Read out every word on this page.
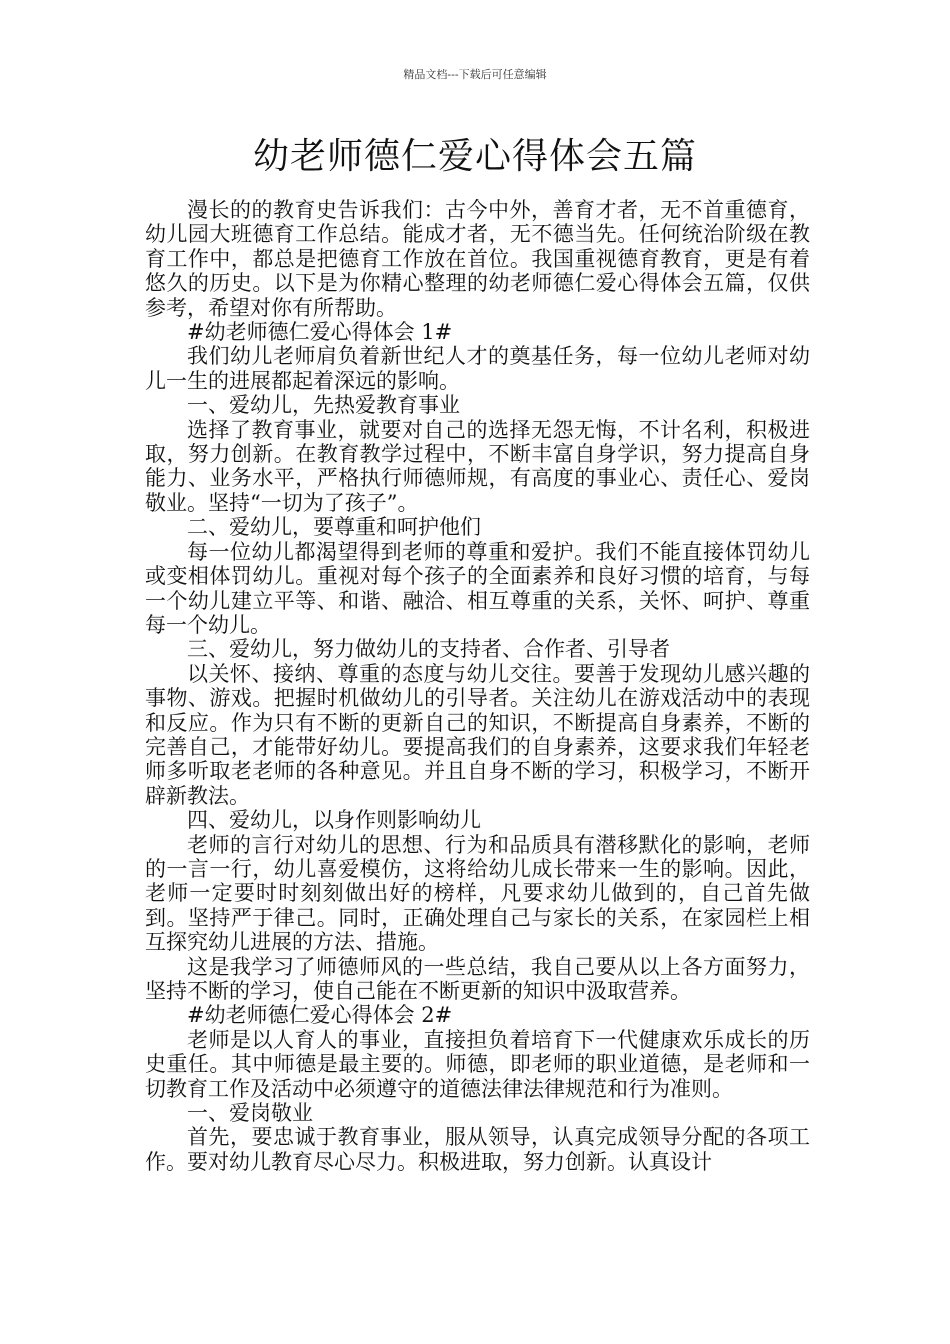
精品文档---下载后可任意编辑
幼老师德仁爱心得体会五篇

漫长的的教育史告诉我们：古今中外，善育才者，无不首重德育，幼儿园大班德育工作总结。能成才者，无不德当先。任何统治阶级在教育工作中，都总是把德育工作放在首位。我国重视德育教育，更是有着悠久的历史。以下是为你精心整理的幼老师德仁爱心得体会五篇，仅供参考，希望对你有所帮助。

#幼老师德仁爱心得体会 1#

我们幼儿老师肩负着新世纪人才的奠基任务，每一位幼儿老师对幼儿一生的进展都起着深远的影响。

一、爱幼儿，先热爱教育事业

选择了教育事业，就要对自己的选择无怨无悔，不计名利，积极进取，努力创新。在教育教学过程中，不断丰富自身学识，努力提高自身能力、业务水平，严格执行师德师规，有高度的事业心、责任心、爱岗敬业。坚持“一切为了孩子”。

二、爱幼儿，要尊重和呵护他们

每一位幼儿都渴望得到老师的尊重和爱护。我们不能直接体罚幼儿或变相体罚幼儿。重视对每个孩子的全面素养和良好习惯的培育，与每一个幼儿建立平等、和谐、融洽、相互尊重的关系，关怀、呵护、尊重每一个幼儿。

三、爱幼儿，努力做幼儿的支持者、合作者、引导者

以关怀、接纳、尊重的态度与幼儿交往。要善于发现幼儿感兴趣的事物、游戏。把握时机做幼儿的引导者。关注幼儿在游戏活动中的表现和反应。作为只有不断的更新自己的知识，不断提高自身素养，不断的完善自己，才能带好幼儿。要提高我们的自身素养，这要求我们年轻老师多听取老老师的各种意见。并且自身不断的学习，积极学习，不断开辟新教法。

四、爱幼儿，以身作则影响幼儿

老师的言行对幼儿的思想、行为和品质具有潜移默化的影响，老师的一言一行，幼儿喜爱模仿，这将给幼儿成长带来一生的影响。因此，老师一定要时时刻刻做出好的榜样，凡要求幼儿做到的，自己首先做到。坚持严于律己。同时，正确处理自己与家长的关系，在家园栏上相互探究幼儿进展的方法、措施。

这是我学习了师德师风的一些总结，我自己要从以上各方面努力，坚持不断的学习，使自己能在不断更新的知识中汲取营养。

#幼老师德仁爱心得体会 2#

老师是以人育人的事业，直接担负着培育下一代健康欢乐成长的历史重任。其中师德是最主要的。师德，即老师的职业道德，是老师和一切教育工作及活动中必须遵守的道德法律法律规范和行为准则。

一、爱岗敬业

首先，要忠诚于教育事业，服从领导，认真完成领导分配的各项工作。要对幼儿教育尽心尽力。积极进取，努力创新。认真设计
